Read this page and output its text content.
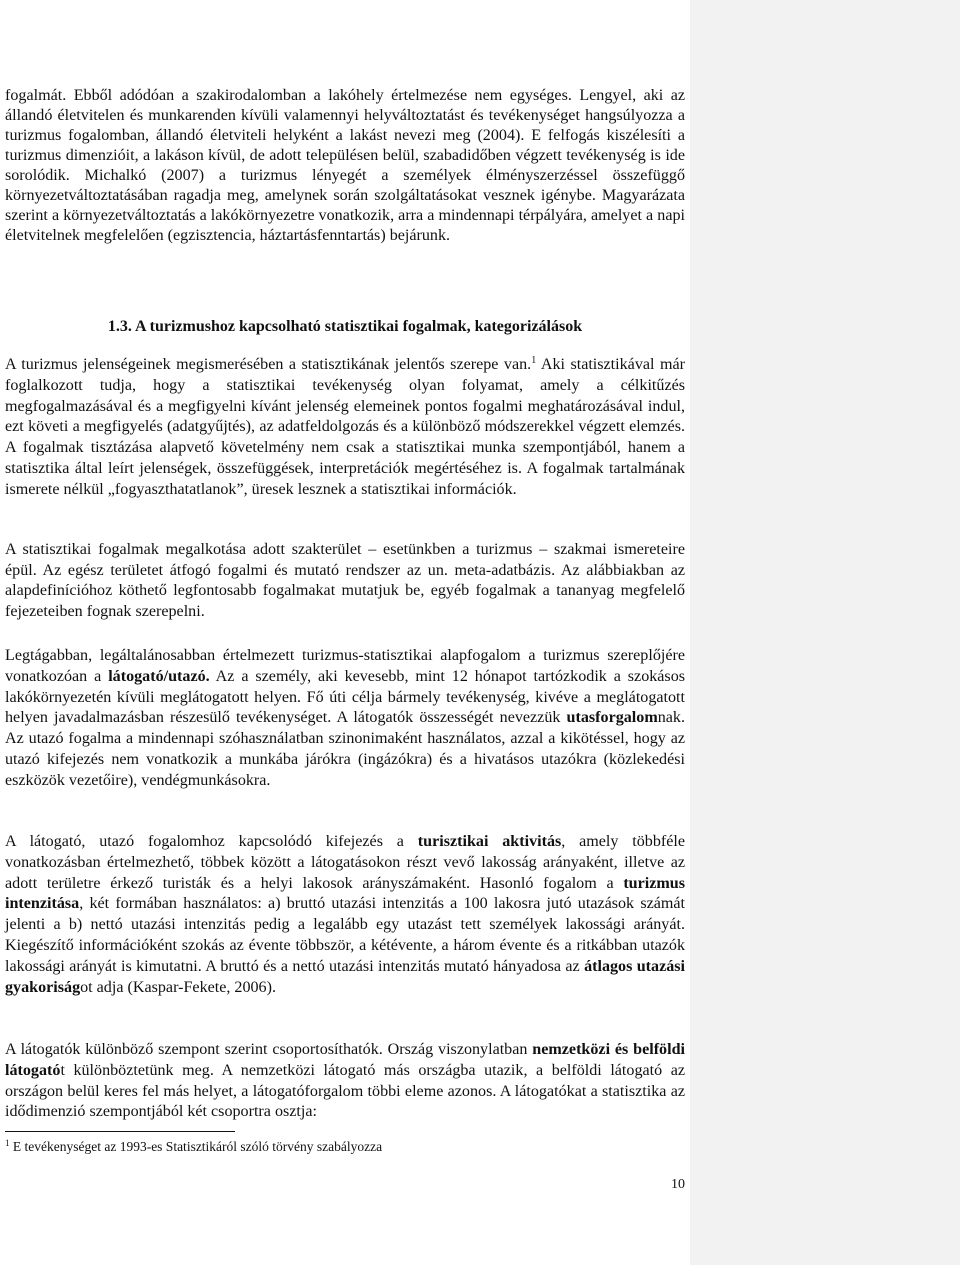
fogalmát. Ebből adódóan a szakirodalomban a lakóhely értelmezése nem egységes. Lengyel, aki az állandó életvitelen és munkarenden kívüli valamennyi helyváltoztatást és tevékenységet hangsúlyozza a turizmus fogalomban, állandó életviteli helyként a lakást nevezi meg (2004). E felfogás kiszélesíti a turizmus dimenzióit, a lakáson kívül, de adott településen belül, szabadidőben végzett tevékenység is ide sorolódik. Michalkó (2007) a turizmus lényegét a személyek élményszerzéssel összefüggő környezetváltoztatásában ragadja meg, amelynek során szolgáltatásokat vesznek igénybe. Magyarázata szerint a környezetváltoztatás a lakókörnyezetre vonatkozik, arra a mindennapi térpályára, amelyet a napi életvitelnek megfelelően (egzisztencia, háztartásfenntartás) bejárunk.

1.3. A turizmushoz kapcsolható statisztikai fogalmak, kategorizálások

A turizmus jelenségeinek megismerésében a statisztikának jelentős szerepe van.$^1$ Aki statisztikával már foglalkozott tudja, hogy a statisztikai tevékenység olyan folyamat, amely a célkitűzés megfogalmazásával és a megfigyelni kívánt jelenség elemeinek pontos fogalmi meghatározásával indul, ezt követi a megfigyelés (adatgyűjtés), az adatfeldolgozás és a különböző módszerekkel végzett elemzés. A fogalmak tisztázása alapvető követelmény nem csak a statisztikai munka szempontjából, hanem a statisztika által leírt jelenségek, összefüggések, interpretációk megértéséhez is. A fogalmak tartalmának ismerete nélkül „fogyaszthatatlanok”, üresek lesznek a statisztikai információk.

A statisztikai fogalmak megalkotása adott szakterület – esetünkben a turizmus – szakmai ismereteire épül. Az egész területet átfogó fogalmi és mutató rendszer az un. meta-adatbázis. Az alábbiakban az alapdefinícióhoz köthető legfontosabb fogalmakat mutatjuk be, egyéb fogalmak a tananyag megfelelő fejezeteiben fognak szerepelni.

Legtágabban, legáltalánosabban értelmezett turizmus-statisztikai alapfogalom a turizmus szereplőjére vonatkozóan a látogató/utazó. Az a személy, aki kevesebb, mint 12 hónapot tartózkodik a szokásos lakókörnyezetén kívüli meglátogatott helyen. Fő úti célja bármely tevékenység, kivéve a meglátogatott helyen javadalmazásban részesülő tevékenységet. A látogatók összességét nevezzük utasforgalomnak. Az utazó fogalma a mindennapi szóhasználatban szinonimaként használatos, azzal a kikötéssel, hogy az utazó kifejezés nem vonatkozik a munkába járókra (ingázókra) és a hivatásos utazókra (közlekedési eszközök vezetőire), vendégmunkásokra.

A látogató, utazó fogalomhoz kapcsolódó kifejezés a turisztikai aktivitás, amely többféle vonatkozásban értelmezhető, többek között a látogatásokon részt vevő lakosság arányaként, illetve az adott területre érkező turisták és a helyi lakosok arányszámaként. Hasonló fogalom a turizmus intenzitása, két formában használatos: a) bruttó utazási intenzitás a 100 lakosra jutó utazások számát jelenti a b) nettó utazási intenzitás pedig a legalább egy utazást tett személyek lakossági arányát. Kiegészítő információként szokás az évente többször, a kétévente, a három évente és a ritkábban utazók lakossági arányát is kimutatni. A bruttó és a nettó utazási intenzitás mutató hányadosa az átlagos utazási gyakoriságot adja (Kaspar-Fekete, 2006).

A látogatók különböző szempont szerint csoportosíthatók. Ország viszonylatban nemzetközi és belföldi látogatót különböztetünk meg. A nemzetközi látogató más országba utazik, a belföldi látogató az országon belül keres fel más helyet, a látogatóforgalom többi eleme azonos. A látogatókat a statisztika az idődimenzió szempontjából két csoportra osztja:

$^1$ E tevékenységet az 1993-es Statisztikáról szóló törvény szabályozza
10
